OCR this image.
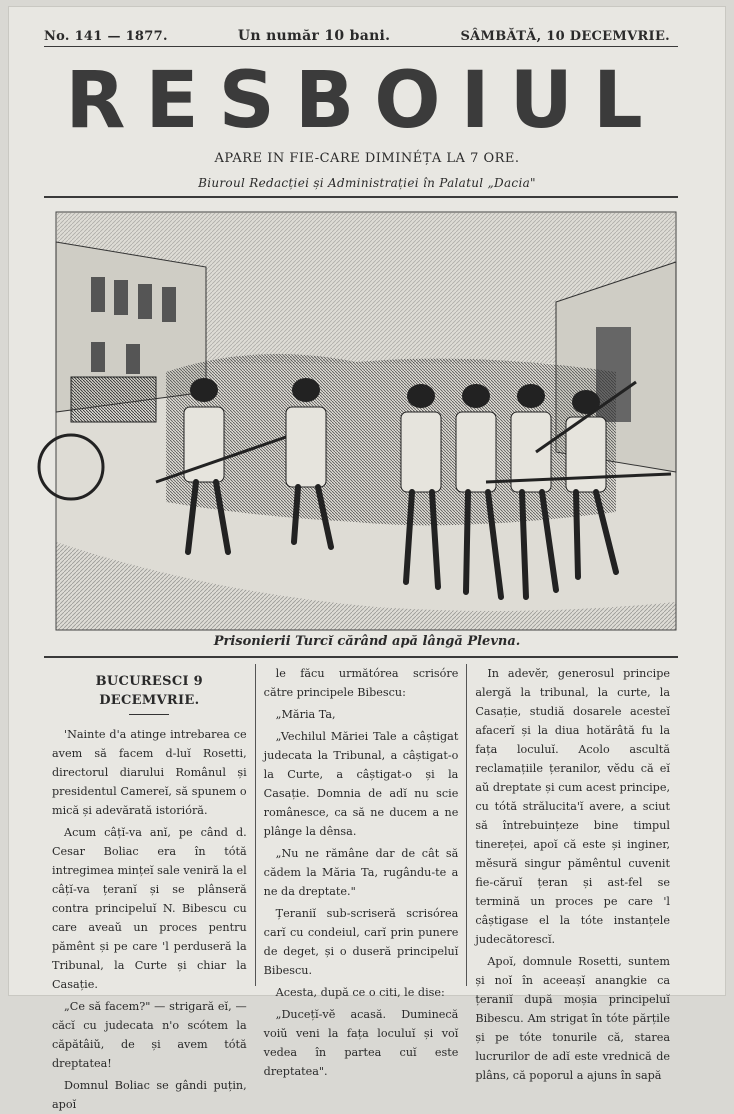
No. 141 — 1877.	Un număr 10 bani.	SÂMBĂTĂ, 10 DECEMVRIE.
RESBOIUL
APARE IN FIE-CARE DIMINÉȚA LA 7 ORE.
Biuroul Redacției și Administrației în Palatul „Dacia"
Prisonierii Turcĭ cărând apă lângă Plevna.
BUCURESCI 9 DECEMVRIE.

'Nainte d'a atinge intrebarea ce avem să facem d-luĭ Rosetti, directorul diarului Românul și presidentul Camereĭ, să spunem o mică și adevărată istorióră.

Acum câțĭ-va anĭ, pe când d. Cesar Boliac era în tótă intregimea mințeĭ sale veniră la el câțĭ-va țeranĭ și se plânseră contra principeluĭ N. Bibescu cu care aveaŭ un proces pentru pămênt și pe care 'l perduseră la Tribunal, la Curte și chiar la Casație.

„Ce să facem?" — strigară eĭ, — căcĭ cu judecata n'o scótem la căpătâiŭ, de și avem tótă dreptatea!

Domnul Boliac se gândi puțin, apoĭ

le făcu următórea scrisóre către principele Bibescu:

„Măria Ta,

„Vechilul Măriei Tale a câștigat judecata la Tribunal, a câștigat-o la Curte, a câștigat-o și la Casație. Domnia de adĭ nu scie românesce, ca să ne ducem a ne plânge la dênsa.

„Nu ne rămâne dar de cât să cădem la Măria Ta, rugându-te a ne da dreptate."

Țeraniĭ sub-scriseră scrisórea carĭ cu condeiul, carĭ prin punere de deget, și o duseră principeluĭ Bibescu.

Acesta, după ce o citi, le dise:

„Ducețĭ-vĕ acasă. Duminecă voiŭ veni la fața loculuĭ și voĭ vedea în partea cuĭ este dreptatea".

In adevĕr, generosul principe alergă la tribunal, la curte, la Casație, studiă dosarele acesteĭ afacerĭ și la diua hotărâtă fu la fața loculuĭ. Acolo ascultă reclamațiile țeranilor, vĕdu că eĭ aŭ dreptate și cum acest principe, cu tótă strălucita'ĭ avere, a sciut să întrebuințeze bine timpul tinereței, apoĭ că este și inginer, mĕsură singur pămêntul cuvenit fie-căruĭ țeran și ast-fel se termină un proces pe care 'l câștigase el la tóte instanțele judecătorescĭ.

Apoĭ, domnule Rosetti, suntem și noĭ în aceeașĭ anangkie ca țeraniĭ după moșia principeluĭ Bibescu. Am strigat în tóte părțile și pe tóte tonurile că, starea lucrurilor de adĭ este vrednică de plâns, că poporul a ajuns în sapă
